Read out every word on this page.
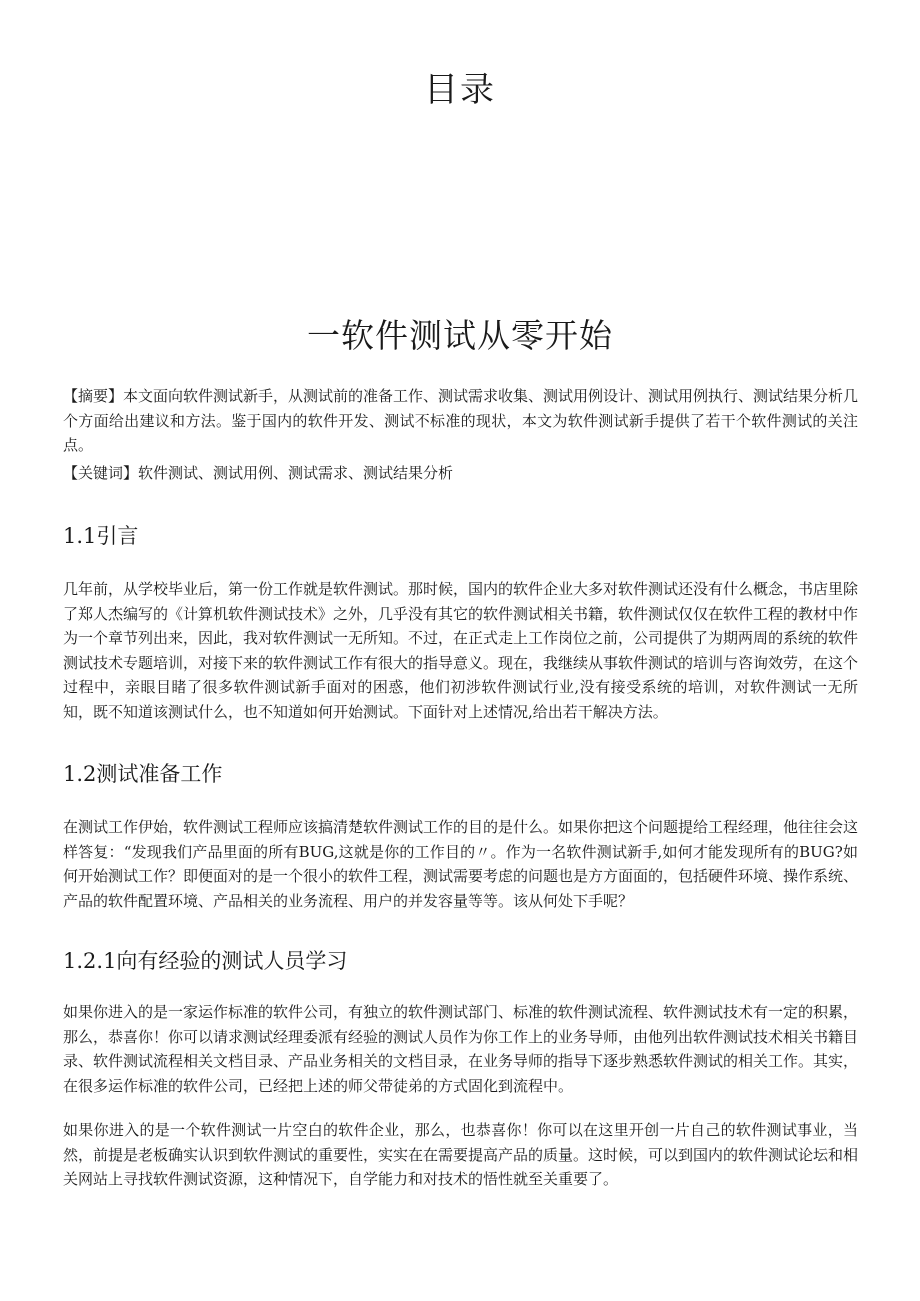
目录
一软件测试从零开始

【摘要】本文面向软件测试新手，从测试前的准备工作、测试需求收集、测试用例设计、测试用例执行、测试结果分析几个方面给出建议和方法。鉴于国内的软件开发、测试不标准的现状，本文为软件测试新手提供了若干个软件测试的关注点。

【关键词】软件测试、测试用例、测试需求、测试结果分析

1.1引言

几年前，从学校毕业后，第一份工作就是软件测试。那时候，国内的软件企业大多对软件测试还没有什么概念，书店里除了郑人杰编写的《计算机软件测试技术》之外，几乎没有其它的软件测试相关书籍，软件测试仅仅在软件工程的教材中作为一个章节列出来，因此，我对软件测试一无所知。不过，在正式走上工作岗位之前，公司提供了为期两周的系统的软件测试技术专题培训，对接下来的软件测试工作有很大的指导意义。现在，我继续从事软件测试的培训与咨询效劳，在这个过程中，亲眼目睹了很多软件测试新手面对的困惑，他们初涉软件测试行业,没有接受系统的培训，对软件测试一无所知，既不知道该测试什么，也不知道如何开始测试。下面针对上述情况,给出若干解决方法。

1.2测试准备工作

在测试工作伊始，软件测试工程师应该搞清楚软件测试工作的目的是什么。如果你把这个问题提给工程经理，他往往会这样答复：“发现我们产品里面的所有BUG,这就是你的工作目的〃。作为一名软件测试新手,如何才能发现所有的BUG?如何开始测试工作？即便面对的是一个很小的软件工程，测试需要考虑的问题也是方方面面的，包括硬件环境、操作系统、产品的软件配置环境、产品相关的业务流程、用户的并发容量等等。该从何处下手呢？

1.2.1向有经验的测试人员学习

如果你进入的是一家运作标准的软件公司，有独立的软件测试部门、标准的软件测试流程、软件测试技术有一定的积累，那么，恭喜你！你可以请求测试经理委派有经验的测试人员作为你工作上的业务导师，由他列出软件测试技术相关书籍目录、软件测试流程相关文档目录、产品业务相关的文档目录，在业务导师的指导下逐步熟悉软件测试的相关工作。其实，在很多运作标准的软件公司，已经把上述的师父带徒弟的方式固化到流程中。

如果你进入的是一个软件测试一片空白的软件企业，那么，也恭喜你！你可以在这里开创一片自己的软件测试事业，当然，前提是老板确实认识到软件测试的重要性，实实在在需要提高产品的质量。这时候，可以到国内的软件测试论坛和相关网站上寻找软件测试资源，这种情况下，自学能力和对技术的悟性就至关重要了。
